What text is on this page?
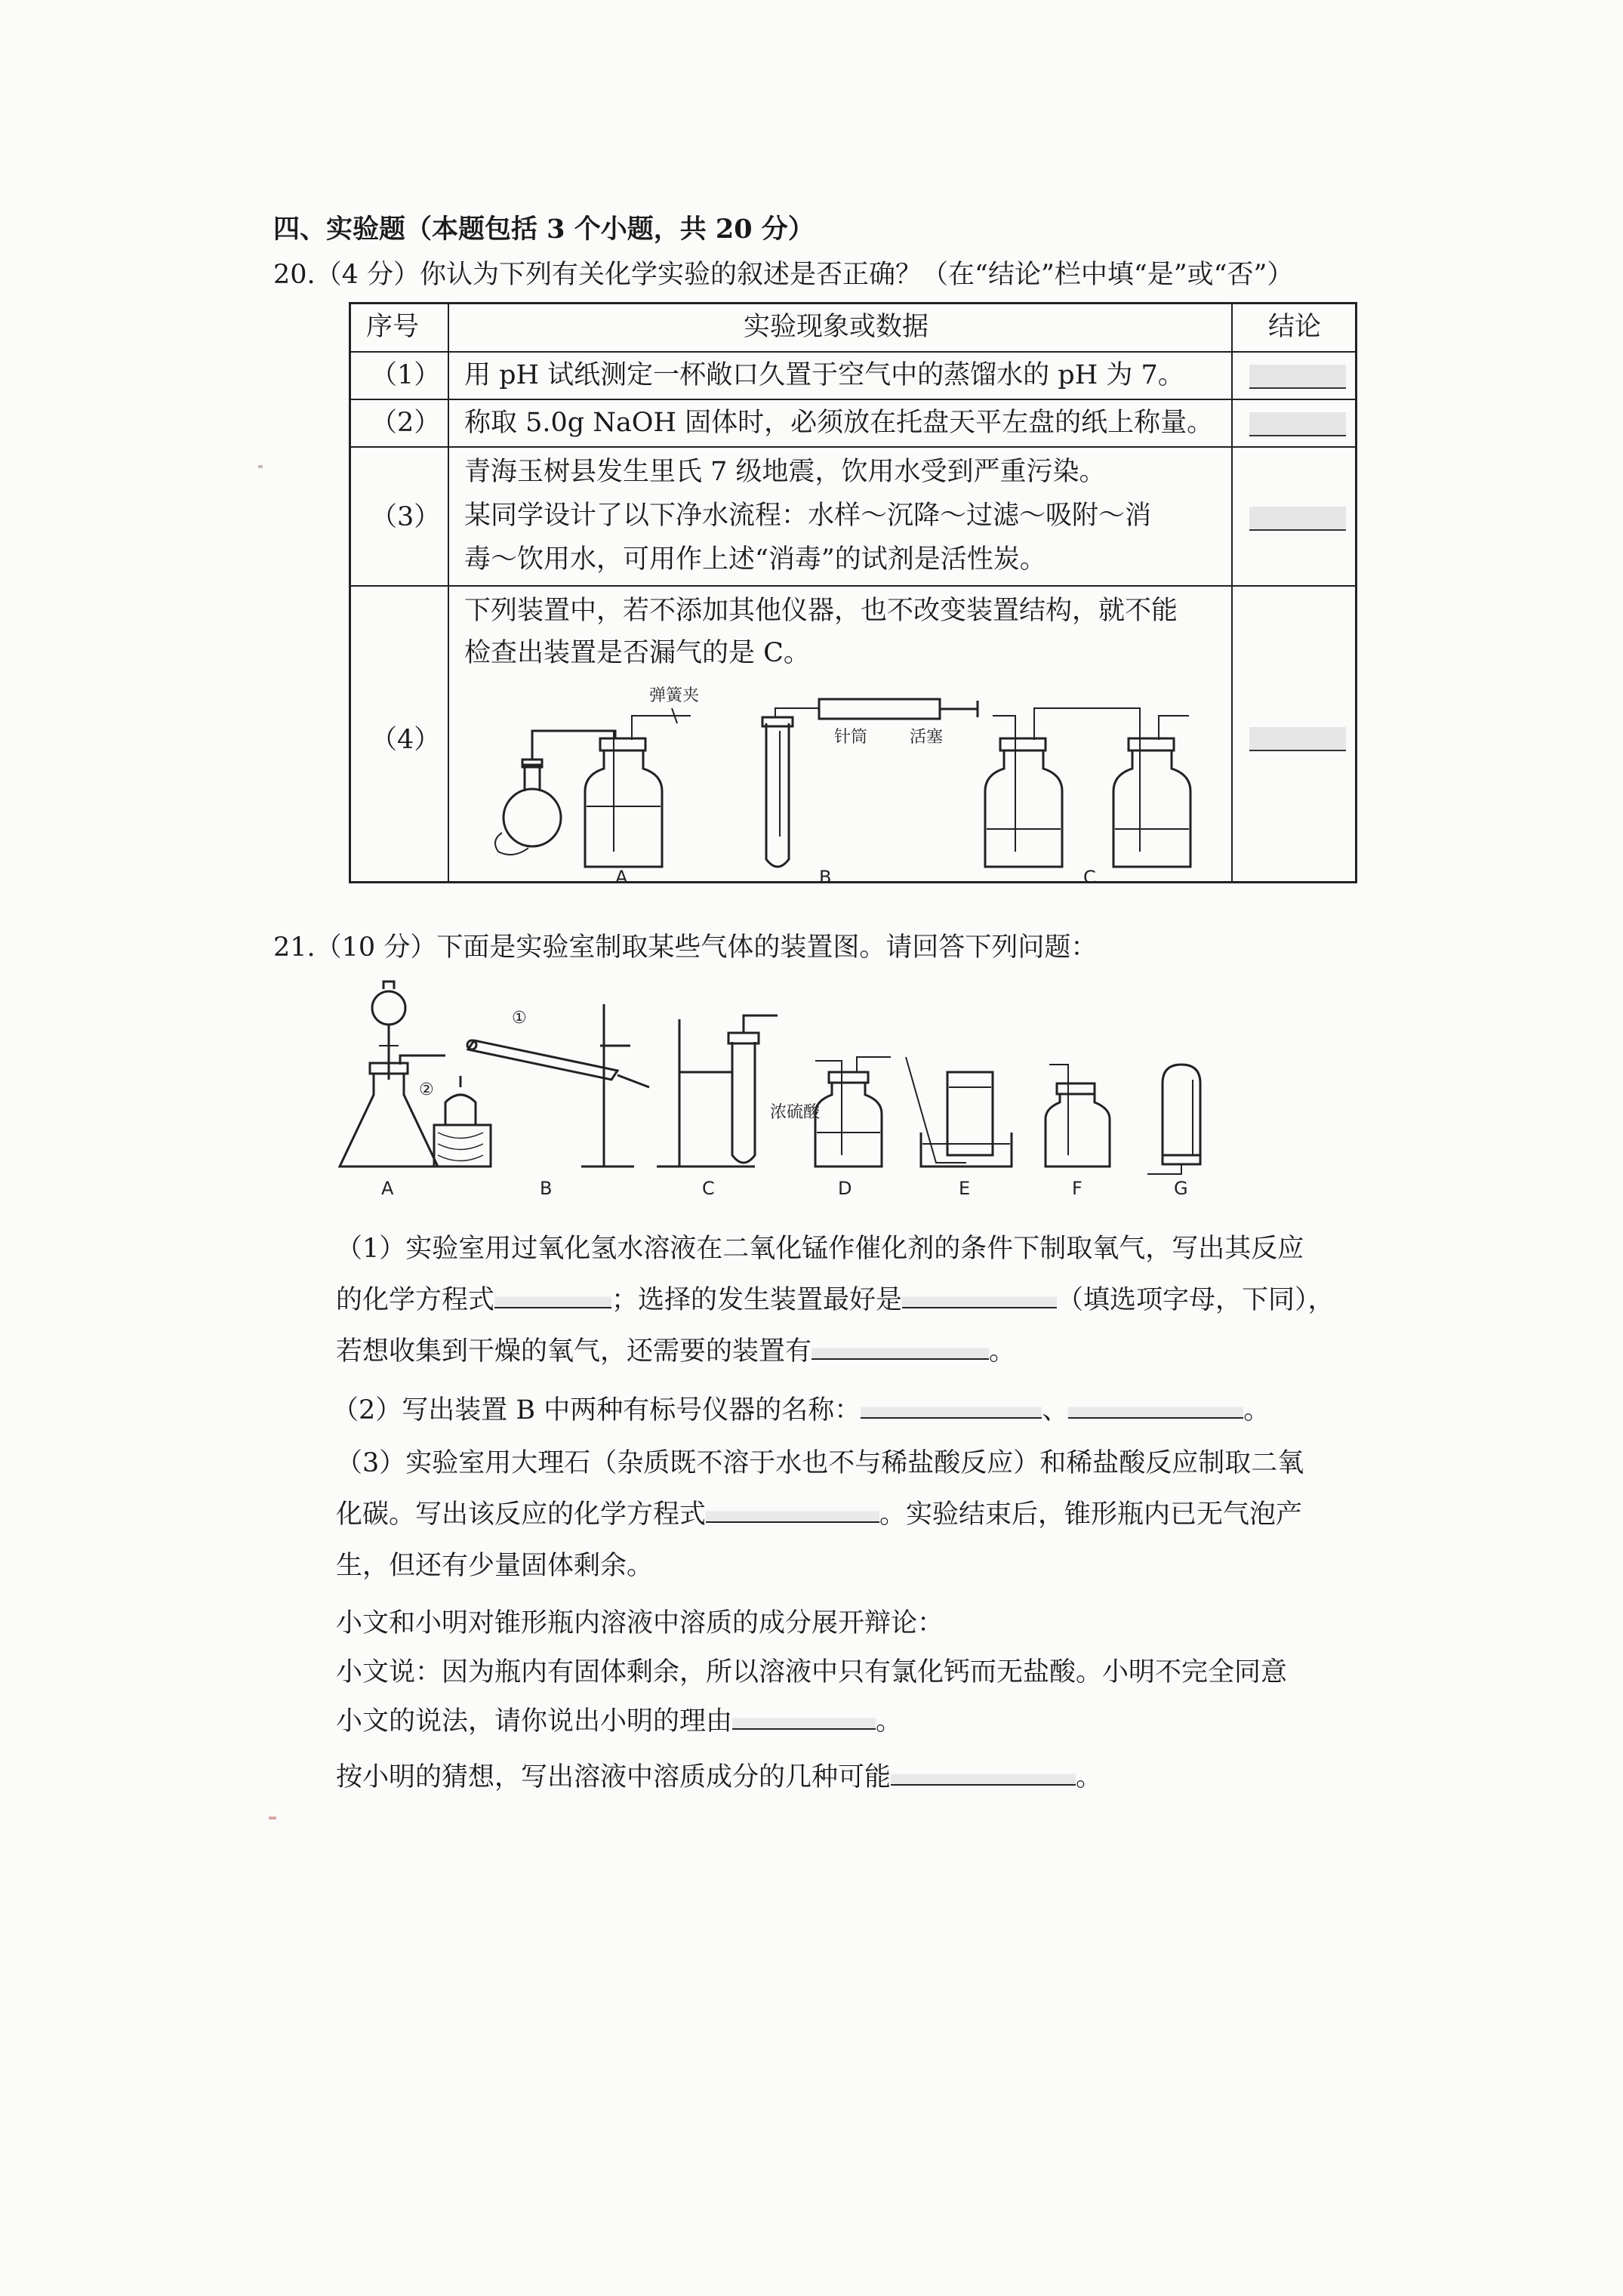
四、实验题（本题包括 3 个小题，共 20 分）
20.（4 分）你认为下列有关化学实验的叙述是否正确？（在“结论”栏中填“是”或“否”）
序号	实验现象或数据	结论
（1） 用 pH 试纸测定一杯敞口久置于空气中的蒸馏水的 pH 为 7。
（2） 称取 5.0g NaOH 固体时，必须放在托盘天平左盘的纸上称量。
（3）
青海玉树县发生里氏 7 级地震，饮用水受到严重污染。
某同学设计了以下净水流程：水样～沉降～过滤～吸附～消
毒～饮用水，可用作上述“消毒”的试剂是活性炭。
（4）
下列装置中，若不添加其他仪器，也不改变装置结构，就不能
检查出装置是否漏气的是 C。
弹簧夹
A
针筒	活塞
B	C
21.（10 分）下面是实验室制取某些气体的装置图。请回答下列问题：
A
①
②
B	C
浓硫酸
D	E	F	G
（1）实验室用过氧化氢水溶液在二氧化锰作催化剂的条件下制取氧气，写出其反应
的化学方程式	；选择的发生装置最好是	（填选项字母，下同），
若想收集到干燥的氧气，还需要的装置有	。
（2）写出装置 B 中两种有标号仪器的名称：	、	。
（3）实验室用大理石（杂质既不溶于水也不与稀盐酸反应）和稀盐酸反应制取二氧
化碳。写出该反应的化学方程式	。实验结束后，锥形瓶内已无气泡产
生，但还有少量固体剩余。
小文和小明对锥形瓶内溶液中溶质的成分展开辩论：
小文说：因为瓶内有固体剩余，所以溶液中只有氯化钙而无盐酸。小明不完全同意
小文的说法，请你说出小明的理由	。
按小明的猜想，写出溶液中溶质成分的几种可能	。
